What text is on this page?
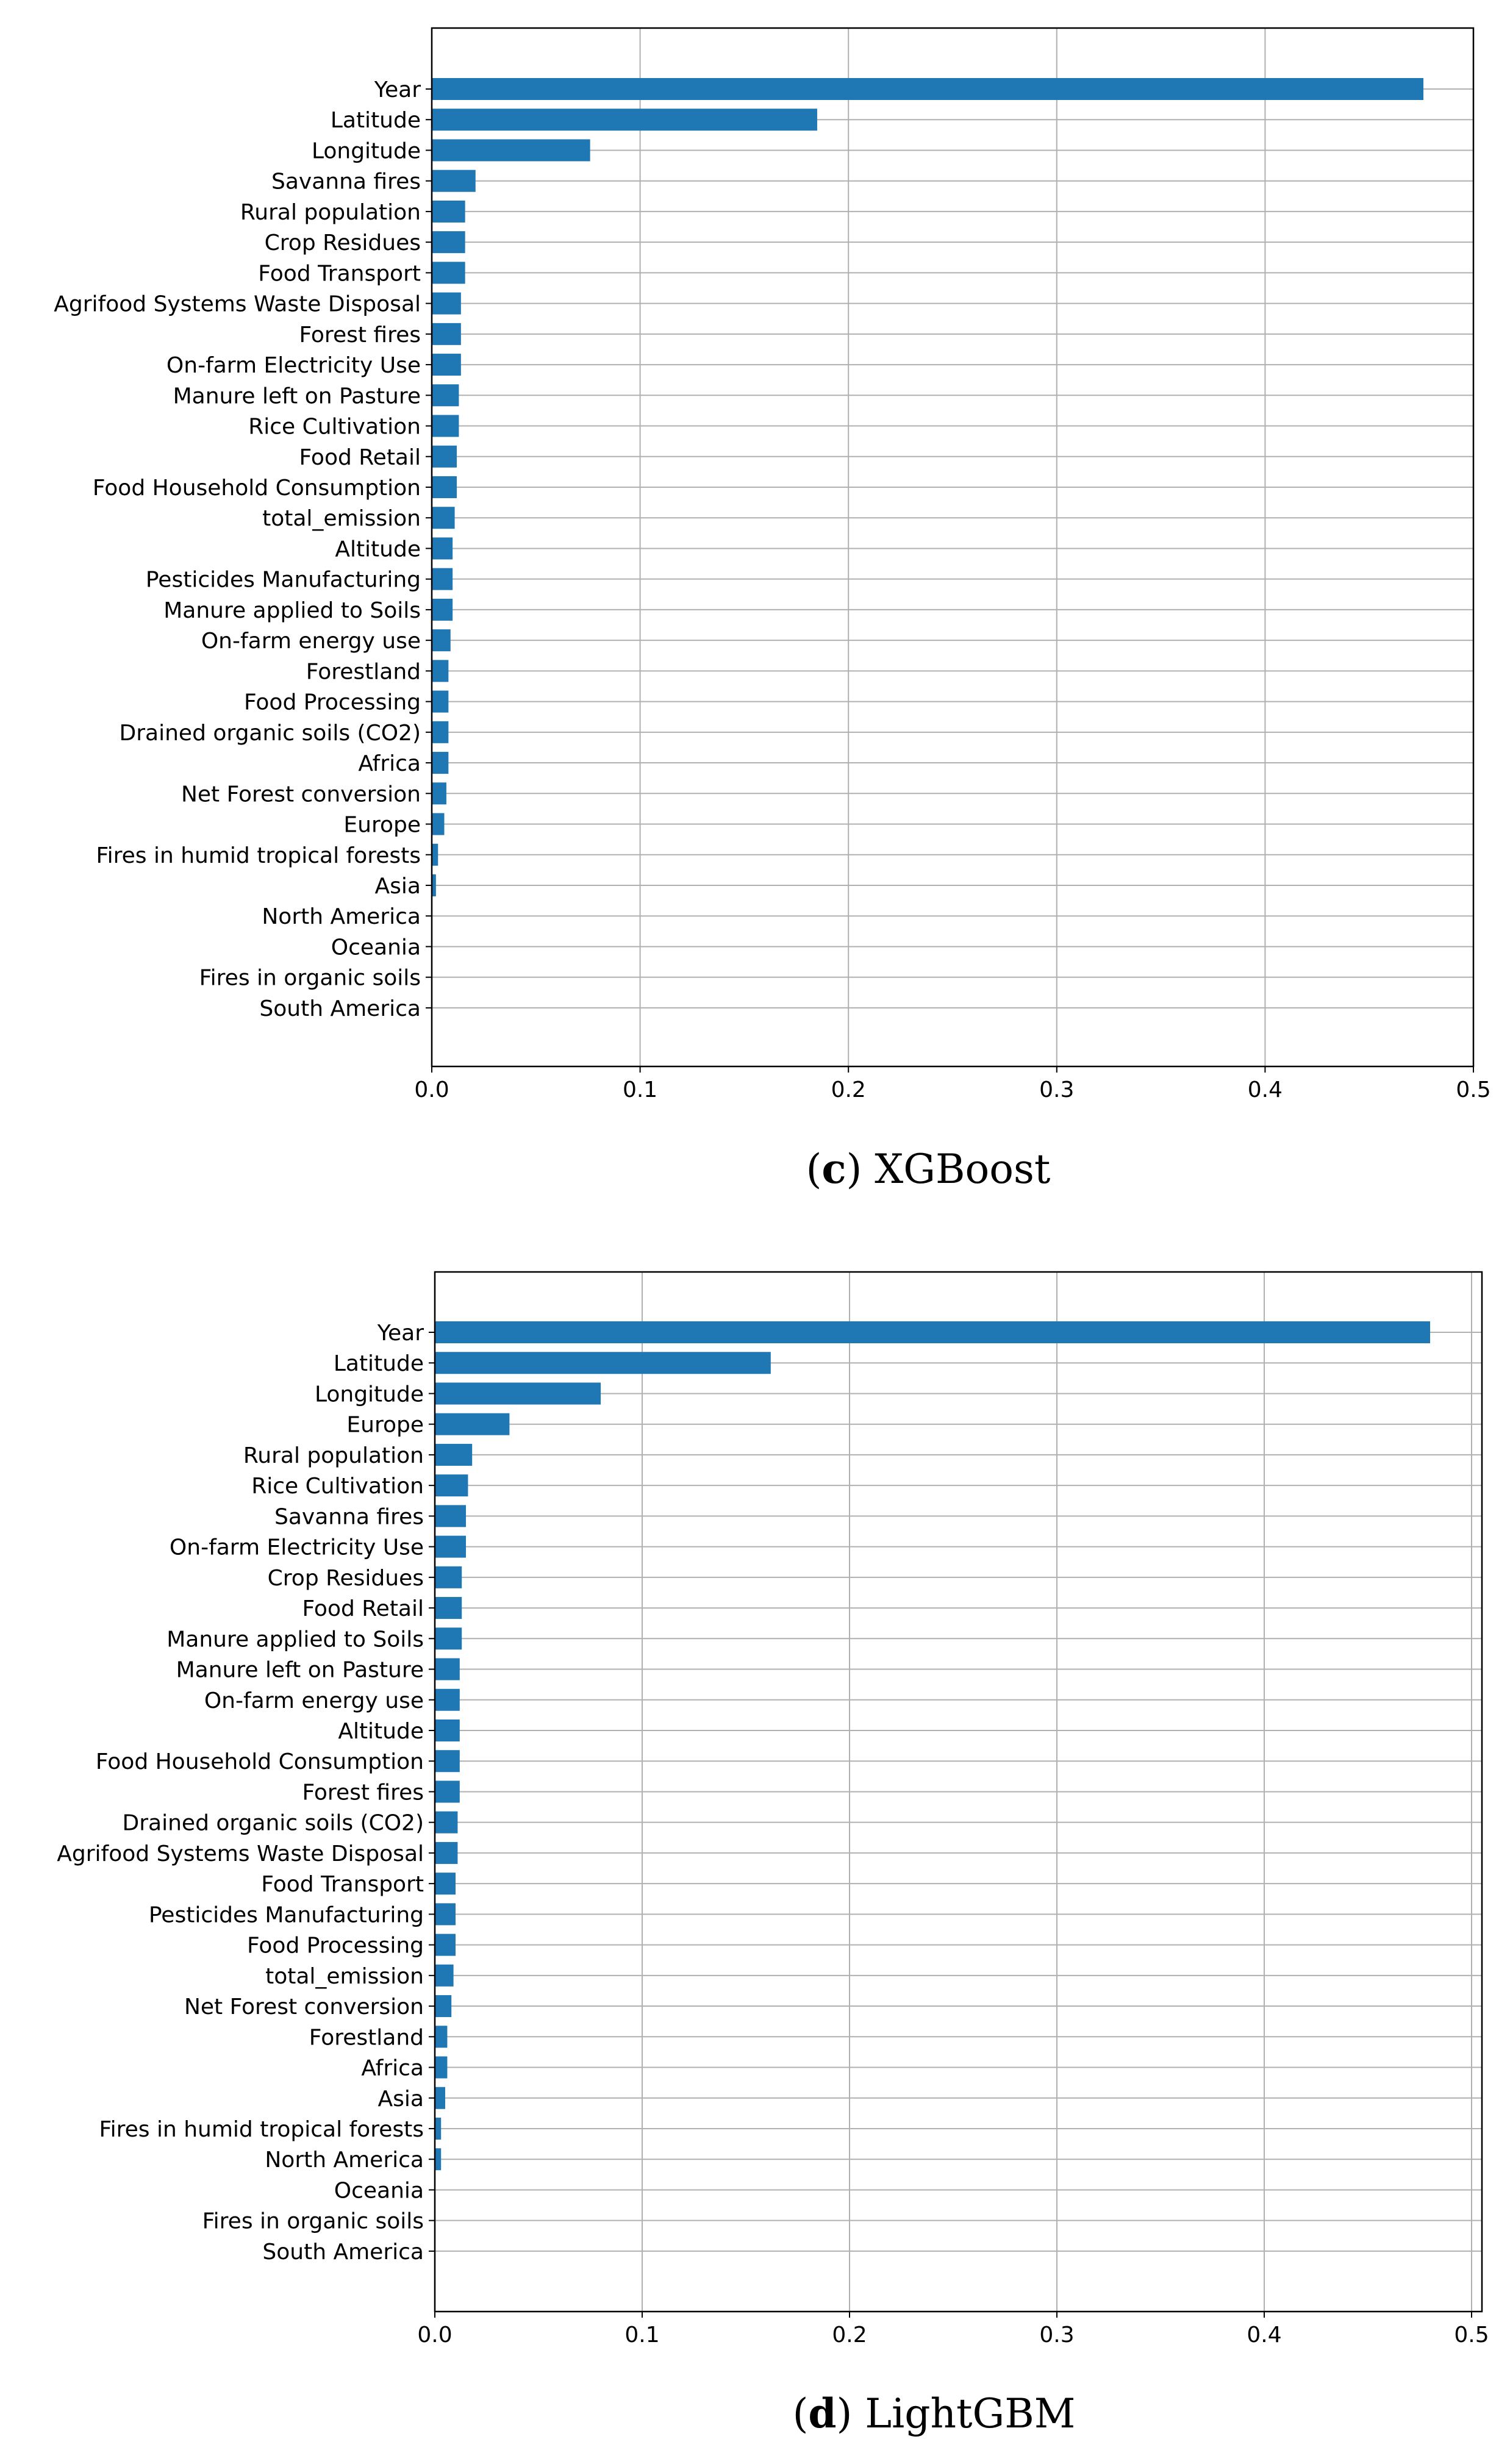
0.0	0.1	0.2	0.3	0.4	0.5
Year
Latitude
Longitude
Savanna fires
Rural population
Crop Residues
Food Transport
Agrifood Systems Waste Disposal
Forest fires
On-farm Electricity Use
Manure left on Pasture
Rice Cultivation
Food Retail
Food Household Consumption
total_emission
Altitude
Pesticides Manufacturing
Manure applied to Soils
On-farm energy use
Forestland
Food Processing
Drained organic soils (CO2)
Africa
Net Forest conversion
Europe
Fires in humid tropical forests
Asia
North America
Oceania
Fires in organic soils
South America
(c) XGBoost
0.0	0.1	0.2	0.3	0.4	0.5
Year
Latitude
Longitude
Europe
Rural population
Rice Cultivation
Savanna fires
On-farm Electricity Use
Crop Residues
Food Retail
Manure applied to Soils
Manure left on Pasture
On-farm energy use
Altitude
Food Household Consumption
Forest fires
Drained organic soils (CO2)
Agrifood Systems Waste Disposal
Food Transport
Pesticides Manufacturing
Food Processing
total_emission
Net Forest conversion
Forestland
Africa
Asia
Fires in humid tropical forests
North America
Oceania
Fires in organic soils
South America
(d) LightGBM
